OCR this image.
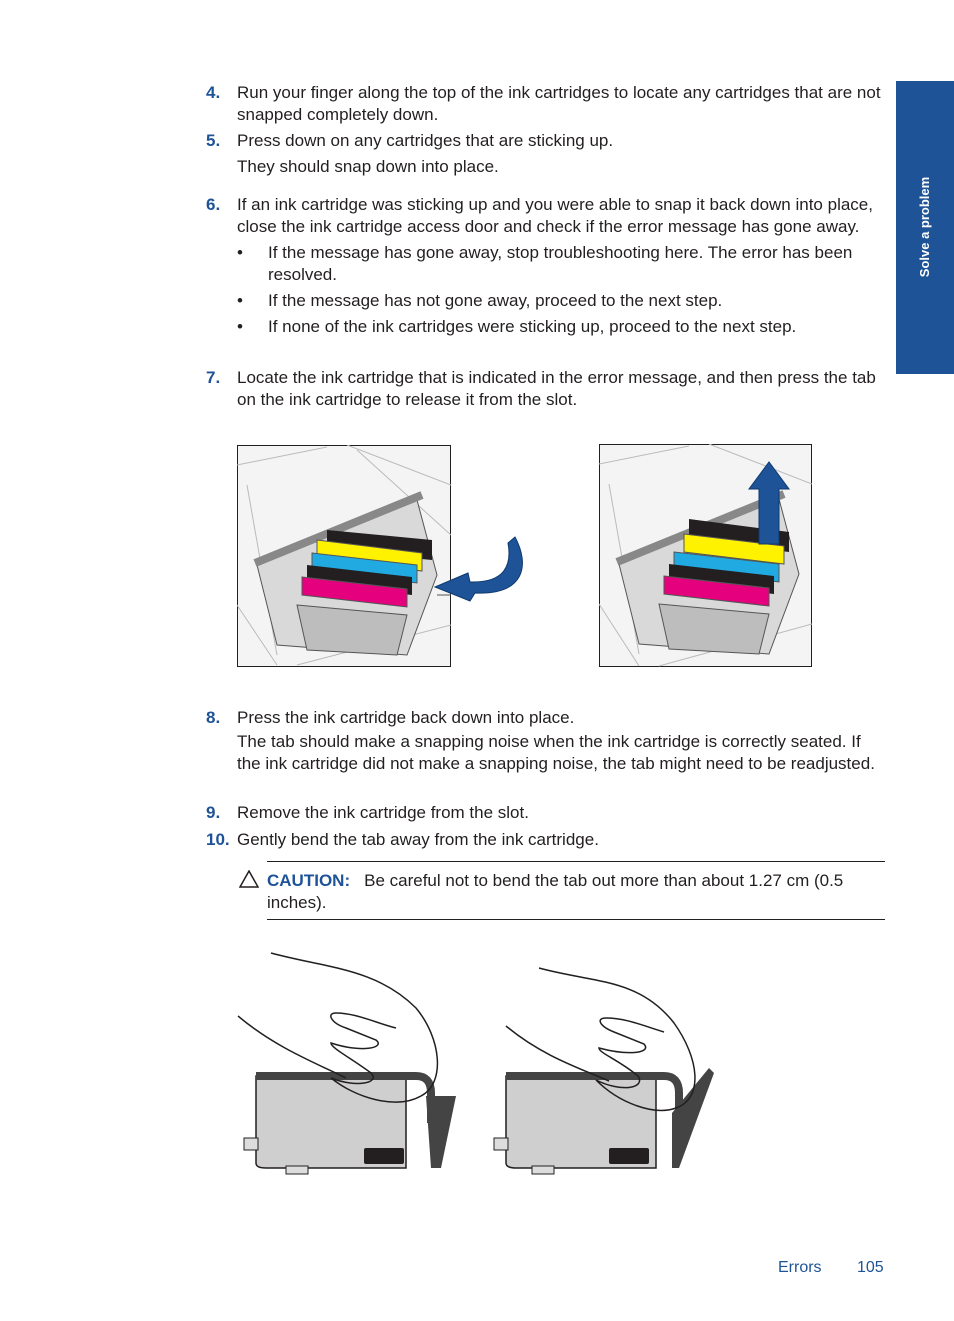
Solve a problem
4. Run your finger along the top of the ink cartridges to locate any cartridges that are not snapped completely down.

5. Press down on any cartridges that are sticking up.

They should snap down into place.

6. If an ink cartridge was sticking up and you were able to snap it back down into place, close the ink cartridge access door and check if the error message has gone away.

• If the message has gone away, stop troubleshooting here. The error has been resolved.
• If the message has not gone away, proceed to the next step.
• If none of the ink cartridges were sticking up, proceed to the next step.
7. Locate the ink cartridge that is indicated in the error message, and then press the tab on the ink cartridge to release it from the slot.

8. Press the ink cartridge back down into place.

The tab should make a snapping noise when the ink cartridge is correctly seated. If the ink cartridge did not make a snapping noise, the tab might need to be readjusted.

9. Remove the ink cartridge from the slot.

10. Gently bend the tab away from the ink cartridge.

CAUTION: Be careful not to bend the tab out more than about 1.27 cm (0.5 inches).
Errors 105
